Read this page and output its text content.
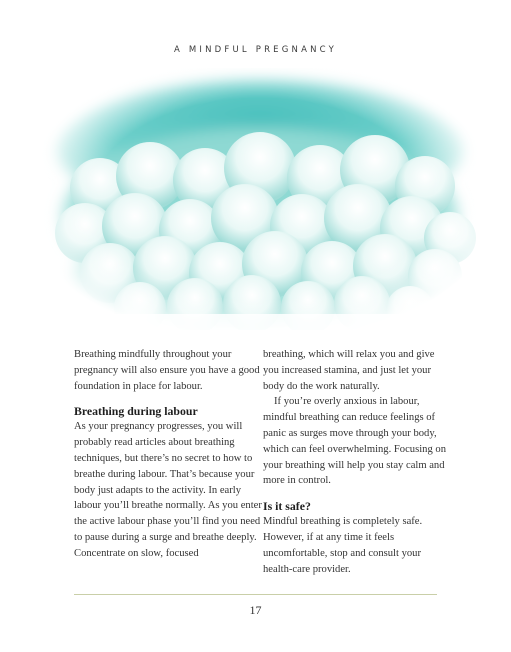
A MINDFUL PREGNANCY

Breathing mindfully throughout your pregnancy will also ensure you have a good foundation in place for labour.

Breathing during labour

As your pregnancy progresses, you will probably read articles about breathing techniques, but there’s no secret to how to breathe during labour. That’s because your body just adapts to the activity. In early labour you’ll breathe normally. As you enter the active labour phase you’ll find you need to pause during a surge and breathe deeply. Concentrate on slow, focused

breathing, which will relax you and give you increased stamina, and just let your body do the work naturally.

If you’re overly anxious in labour, mindful breathing can reduce feelings of panic as surges move through your body, which can feel overwhelming. Focusing on your breathing will help you stay calm and more in control.

Is it safe?

Mindful breathing is completely safe. However, if at any time it feels uncomfortable, stop and consult your health-care provider.

17
